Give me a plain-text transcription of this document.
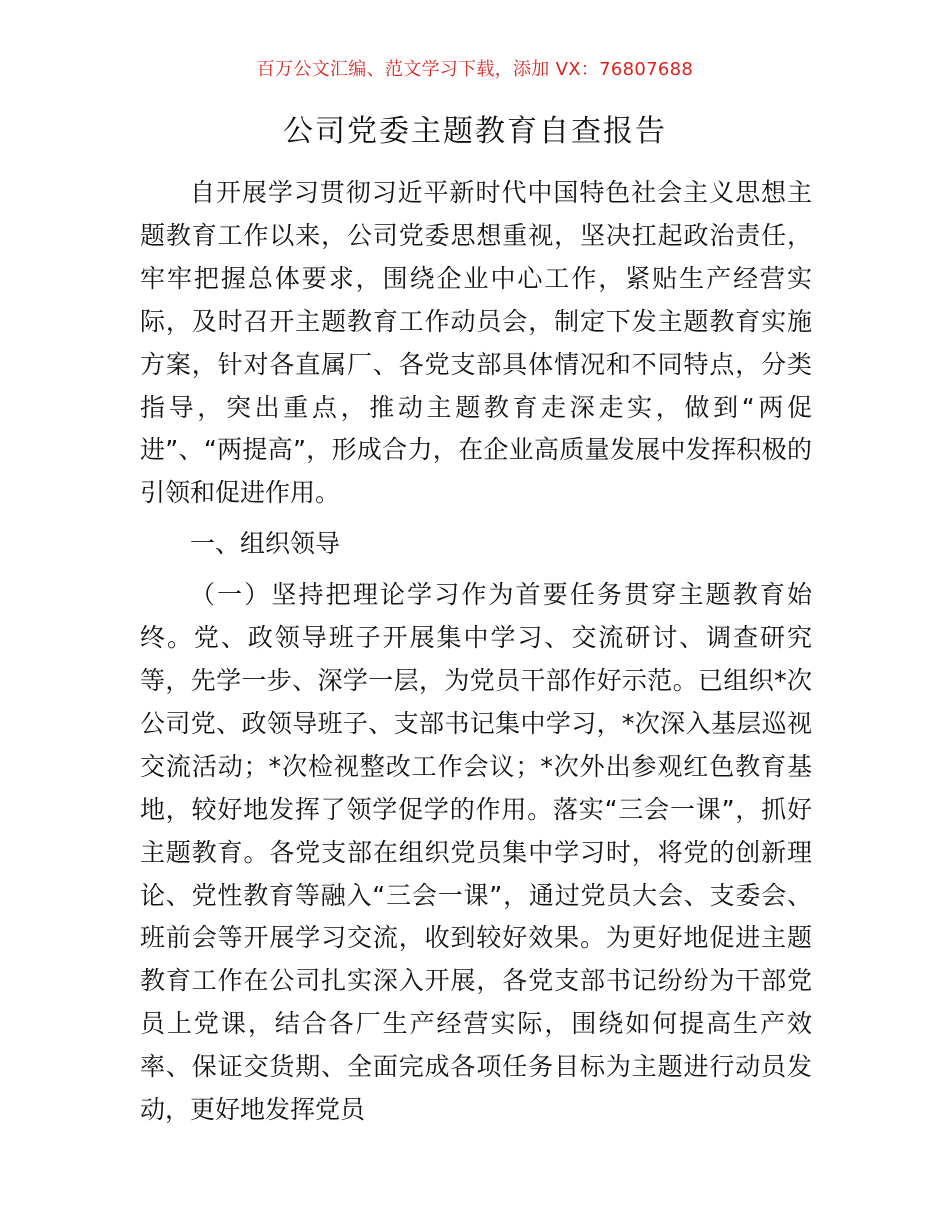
百万公文汇编、范文学习下载，添加 VX：76807688
公司党委主题教育自查报告

自开展学习贯彻习近平新时代中国特色社会主义思想主题教育工作以来，公司党委思想重视，坚决扛起政治责任，牢牢把握总体要求，围绕企业中心工作，紧贴生产经营实际，及时召开主题教育工作动员会，制定下发主题教育实施方案，针对各直属厂、各党支部具体情况和不同特点，分类指导，突出重点，推动主题教育走深走实，做到“两促进”、“两提高”，形成合力，在企业高质量发展中发挥积极的引领和促进作用。

一、组织领导

（一）坚持把理论学习作为首要任务贯穿主题教育始终。党、政领导班子开展集中学习、交流研讨、调查研究等，先学一步、深学一层，为党员干部作好示范。已组织*次公司党、政领导班子、支部书记集中学习，*次深入基层巡视交流活动；*次检视整改工作会议；*次外出参观红色教育基地，较好地发挥了领学促学的作用。落实“三会一课”，抓好主题教育。各党支部在组织党员集中学习时，将党的创新理论、党性教育等融入“三会一课”，通过党员大会、支委会、班前会等开展学习交流，收到较好效果。为更好地促进主题教育工作在公司扎实深入开展，各党支部书记纷纷为干部党员上党课，结合各厂生产经营实际，围绕如何提高生产效率、保证交货期、全面完成各项任务目标为主题进行动员发动，更好地发挥党员
